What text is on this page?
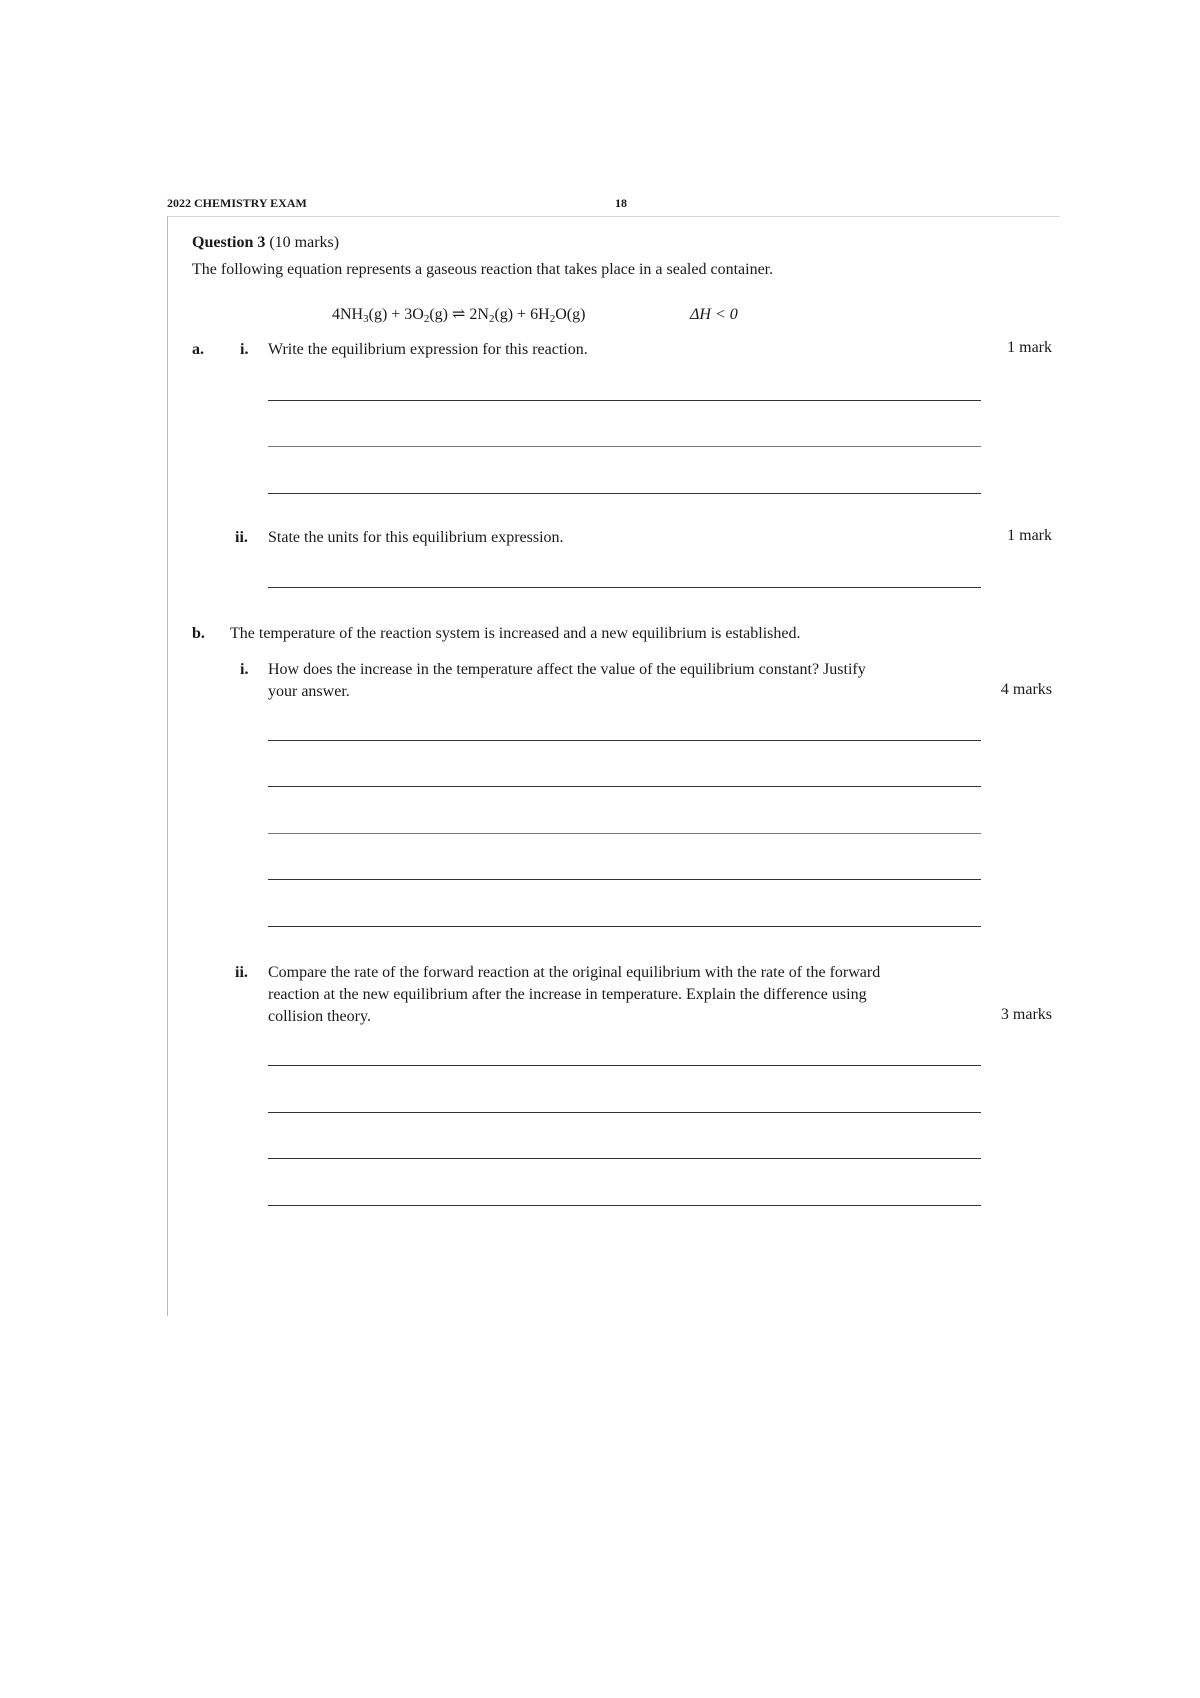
2022 CHEMISTRY EXAM	18
Question 3 (10 marks)
The following equation represents a gaseous reaction that takes place in a sealed container.
$4NH_3(g) + 3O_2(g)$ ⇌ $2N_2(g) + 6H_2O(g)$	ΔH < 0
a. i. Write the equilibrium expression for this reaction.	1 mark
ii. State the units for this equilibrium expression.	1 mark
b. The temperature of the reaction system is increased and a new equilibrium is established.
i. How does the increase in the temperature affect the value of the equilibrium constant? Justify
your answer.	4 marks
ii. Compare the rate of the forward reaction at the original equilibrium with the rate of the forward
reaction at the new equilibrium after the increase in temperature. Explain the difference using
collision theory.	3 marks
